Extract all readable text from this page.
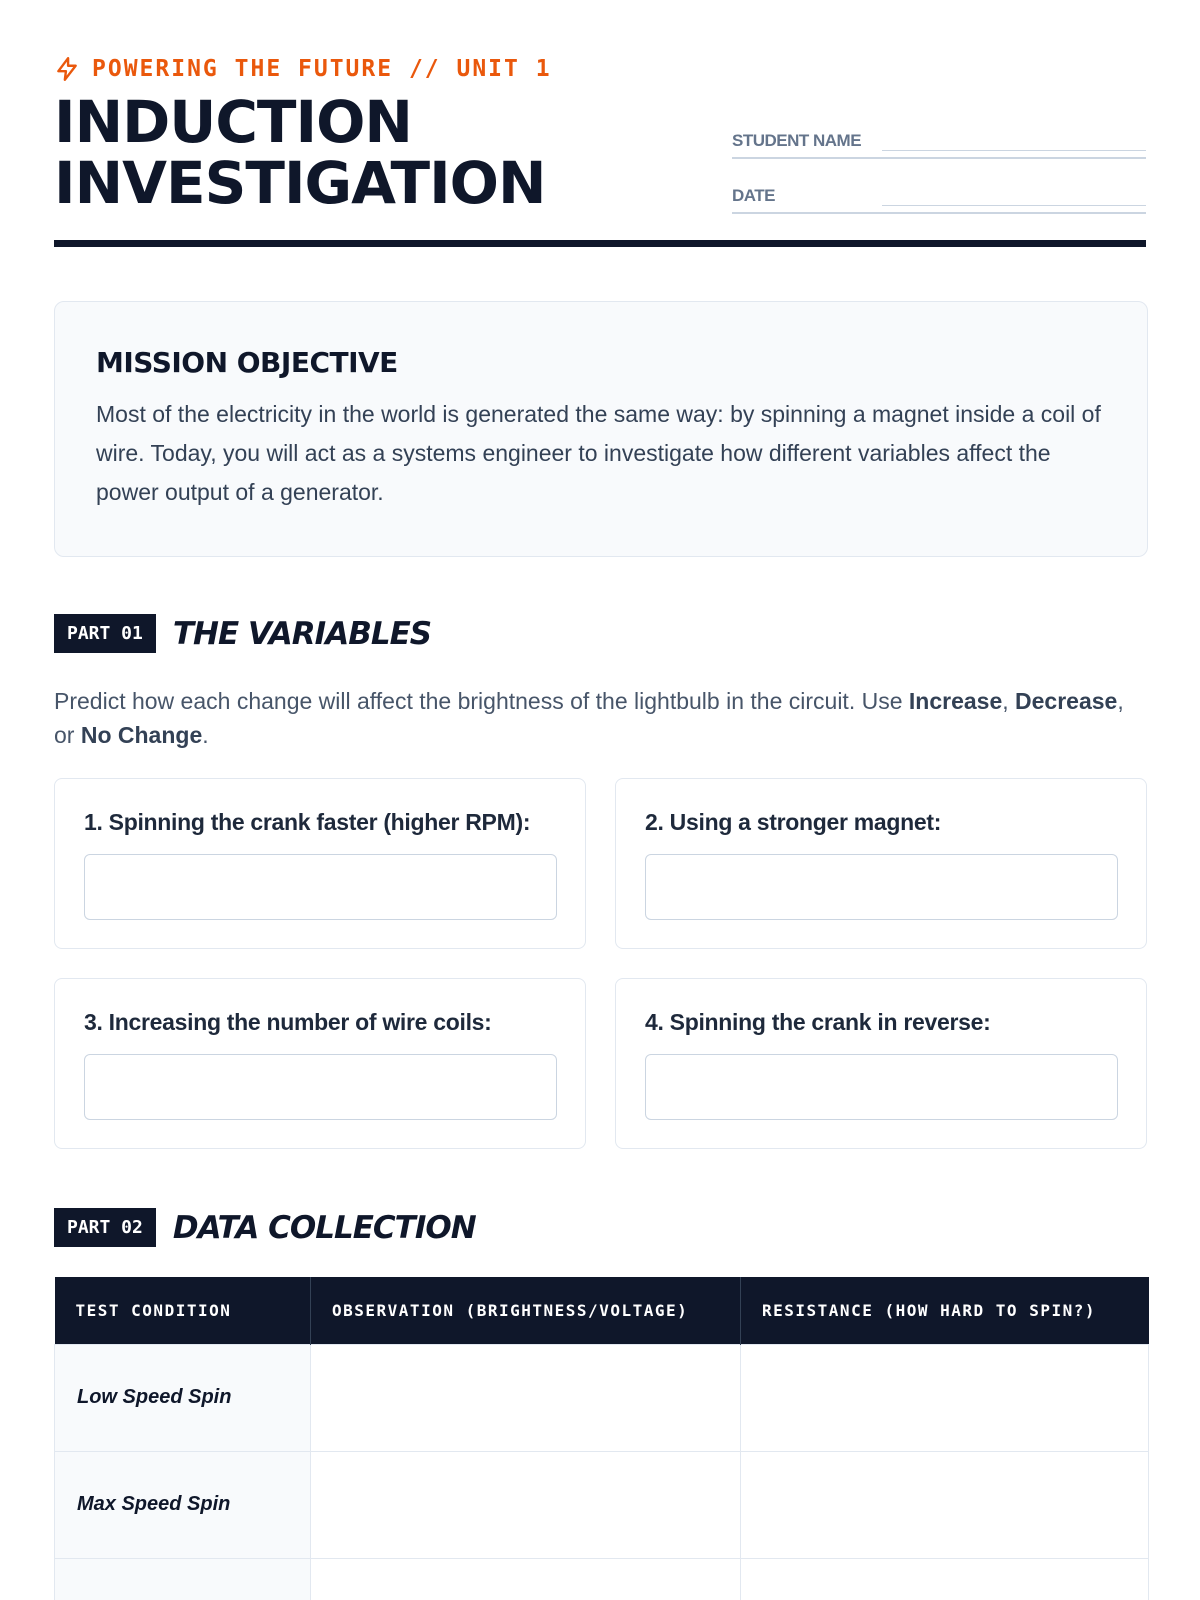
POWERING THE FUTURE // UNIT 1
INDUCTION
INVESTIGATION
STUDENT NAME
DATE
MISSION OBJECTIVE

Most of the electricity in the world is generated the same way: by spinning a magnet inside a coil of wire. Today, you will act as a systems engineer to investigate how different variables affect the power output of a generator.

PART 01 THE VARIABLES
Predict how each change will affect the brightness of the lightbulb in the circuit. Use Increase, Decrease, or No Change.
1. Spinning the crank faster (higher RPM):	2. Using a stronger magnet:
3. Increasing the number of wire coils:	4. Spinning the crank in reverse:
PART 02 DATA COLLECTION
TEST CONDITION	OBSERVATION (BRIGHTNESS/VOLTAGE)	RESISTANCE (HOW HARD TO SPIN?)
Low Speed Spin		
Max Speed Spin		
